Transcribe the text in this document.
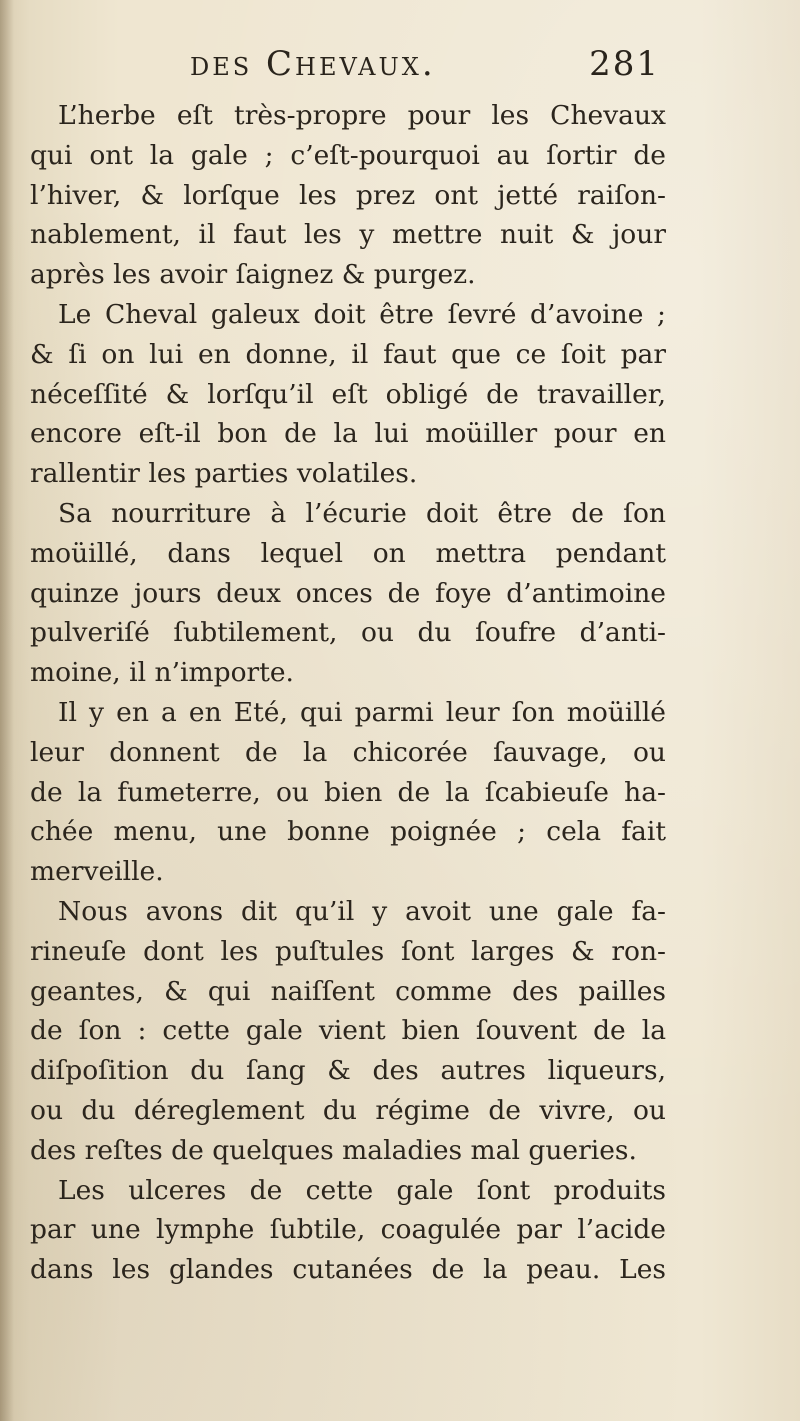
des Chevaux.	281
L’herbe eſt très-propre pour les Chevaux
qui ont la gale ; c’eſt-pourquoi au ſortir de
l’hiver, & lorſque les prez ont jetté raiſon-
nablement, il faut les y mettre nuit & jour
après les avoir ſaignez & purgez.
Le Cheval galeux doit être ſevré d’avoine ;
& ſi on lui en donne, il faut que ce ſoit par
néceſſité & lorſqu’il eſt obligé de travailler,
encore eſt-il bon de la lui moüiller pour en
rallentir les parties volatiles.
Sa nourriture à l’écurie doit être de ſon
moüillé, dans lequel on mettra pendant
quinze jours deux onces de foye d’antimoine
pulveriſé ſubtilement, ou du ſoufre d’anti-
moine, il n’importe.
Il y en a en Eté, qui parmi leur ſon moüillé
leur donnent de la chicorée ſauvage, ou
de la fumeterre, ou bien de la ſcabieuſe ha-
chée menu, une bonne poignée ; cela fait
merveille.
Nous avons dit qu’il y avoit une gale fa-
rineuſe dont les puſtules ſont larges & ron-
geantes, & qui naiſſent comme des pailles
de ſon : cette gale vient bien ſouvent de la
diſpoſition du ſang & des autres liqueurs,
ou du déreglement du régime de vivre, ou
des reſtes de quelques maladies mal gueries.
Les ulceres de cette gale ſont produits
par une lymphe ſubtile, coagulée par l’acide
dans les glandes cutanées de la peau. Les
